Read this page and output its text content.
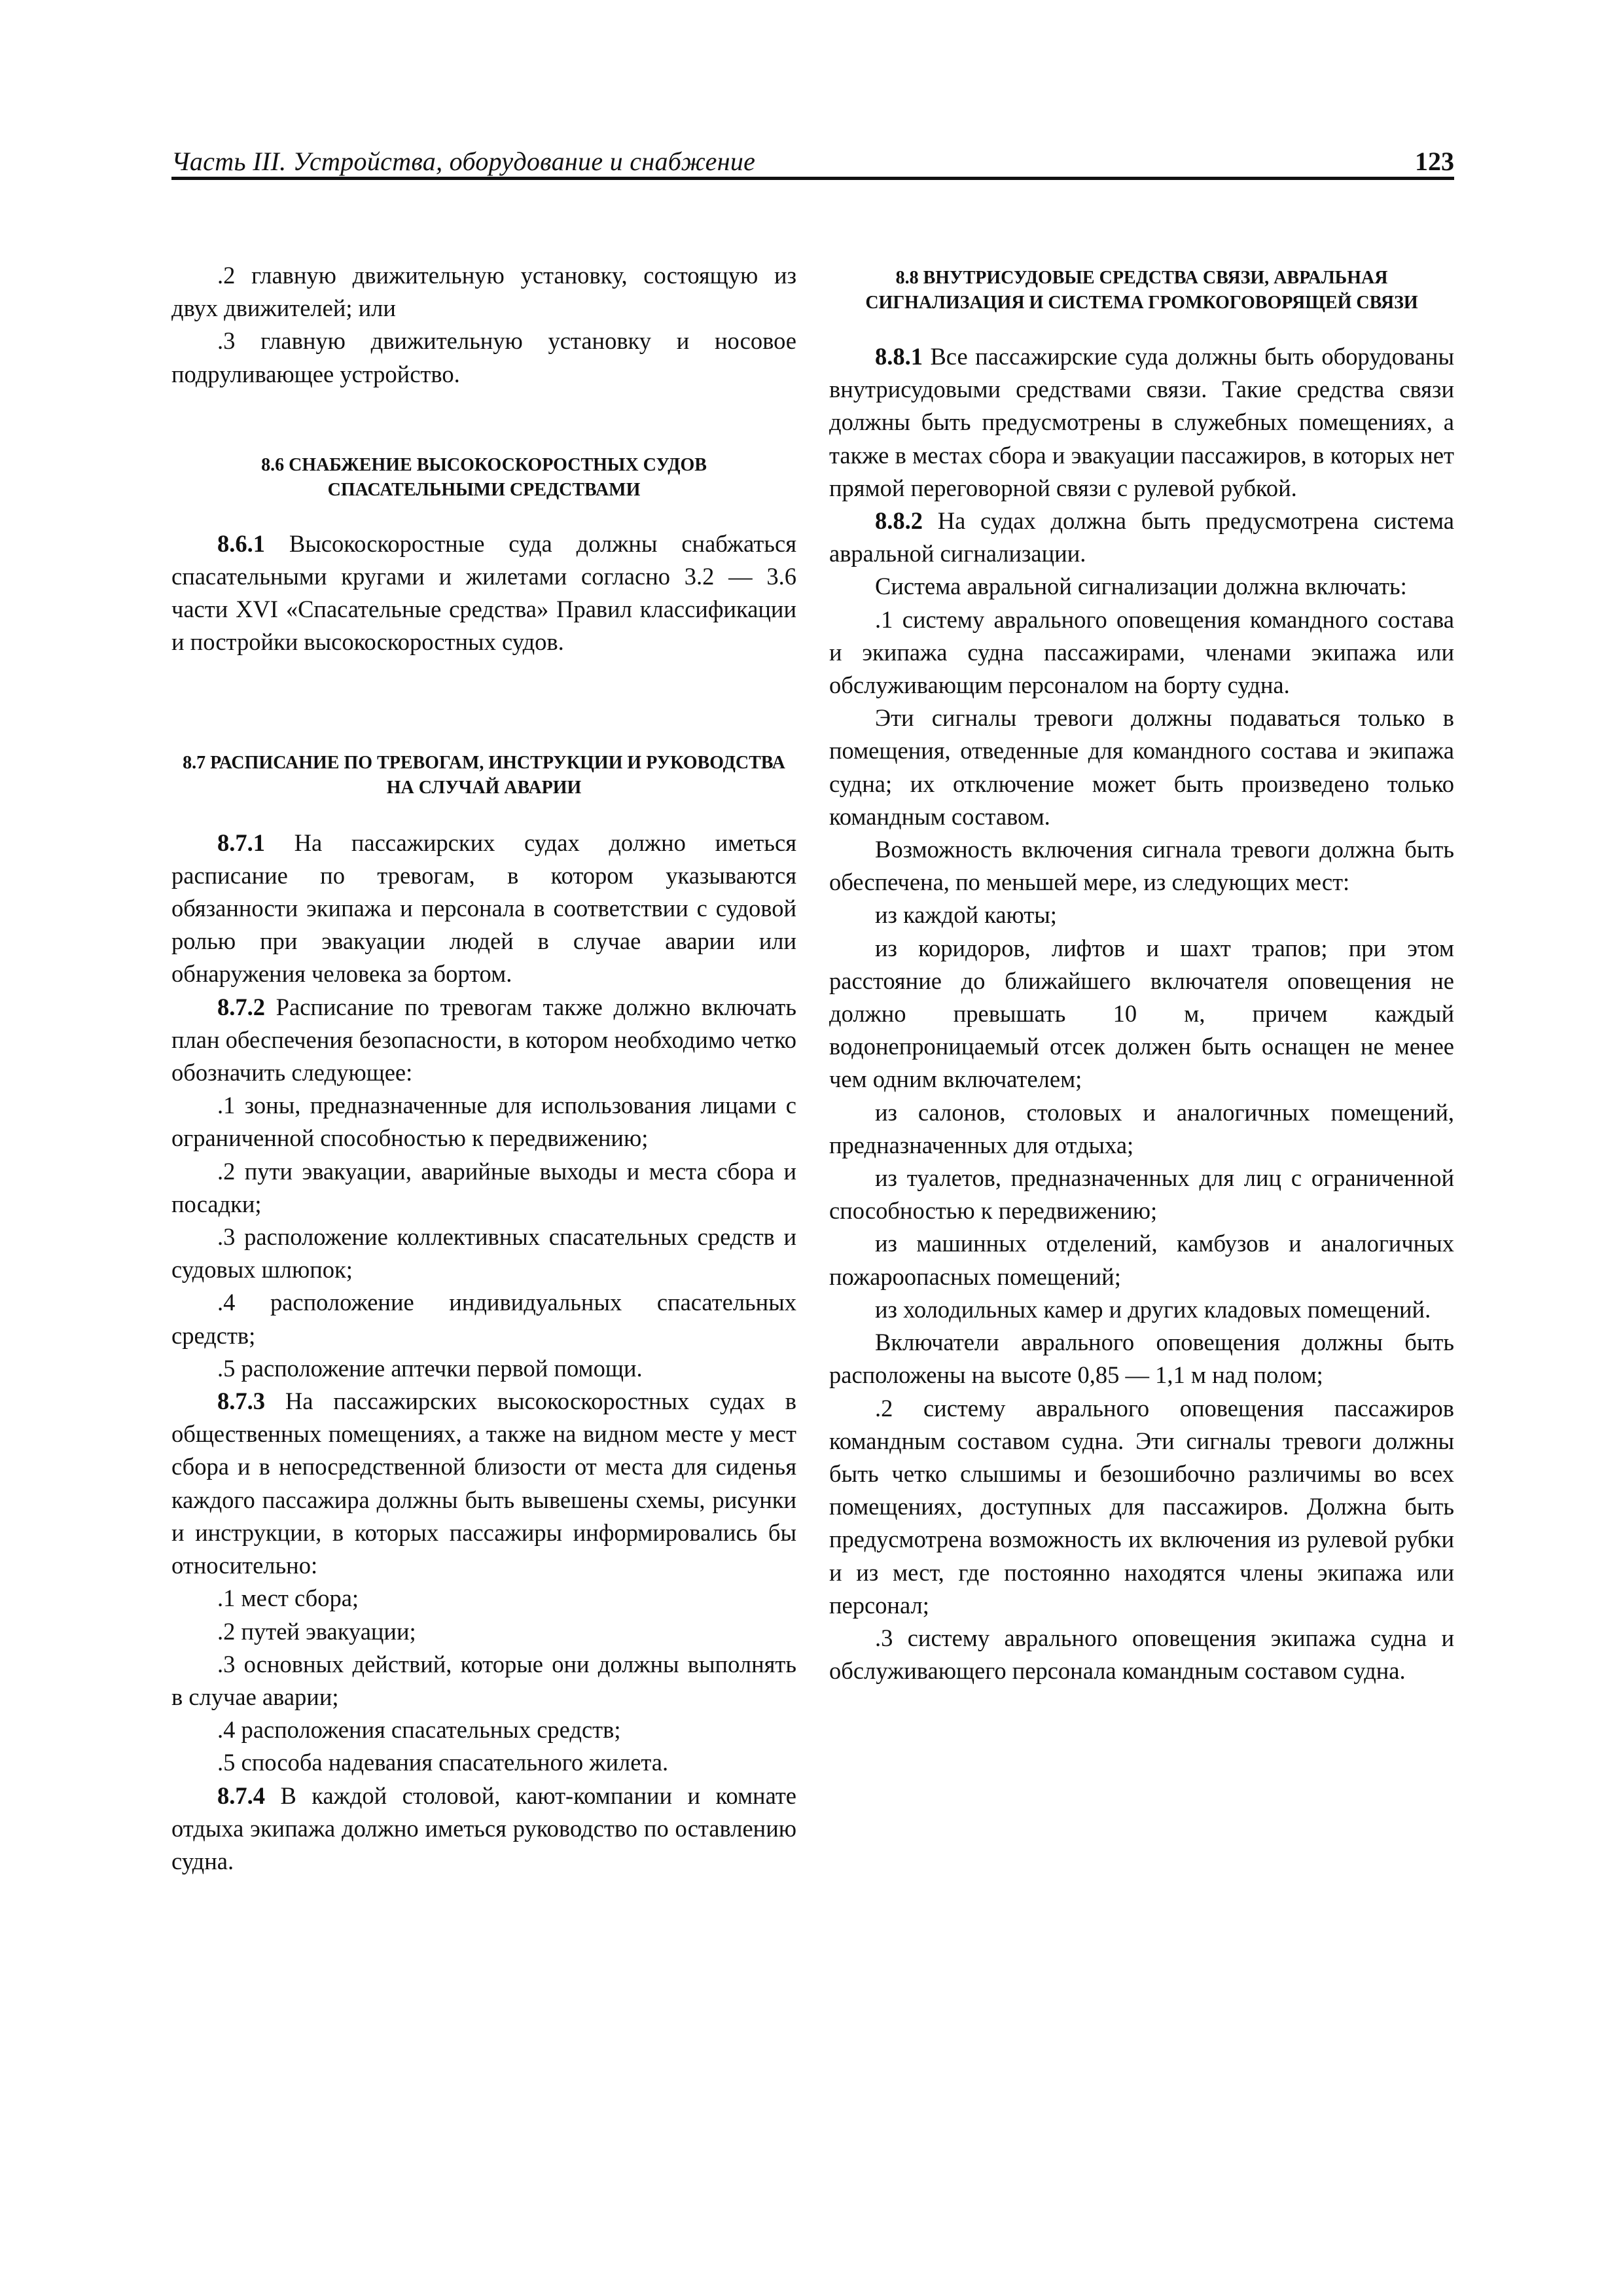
Часть III. Устройства, оборудование и снабжение	123

.2 главную движительную установку, состоящую из двух движителей; или

.3 главную движительную установку и носовое подруливающее устройство.

8.6 СНАБЖЕНИЕ ВЫСОКОСКОРОСТНЫХ СУДОВ СПАСАТЕЛЬНЫМИ СРЕДСТВАМИ

8.6.1 Высокоскоростные суда должны снабжаться спасательными кругами и жилетами согласно 3.2 — 3.6 части XVI «Спасательные средства» Правил классификации и постройки высокоскоростных судов.

8.7 РАСПИСАНИЕ ПО ТРЕВОГАМ, ИНСТРУКЦИИ И РУКОВОДСТВА НА СЛУЧАЙ АВАРИИ

8.7.1 На пассажирских судах должно иметься расписание по тревогам, в котором указываются обязанности экипажа и персонала в соответствии с судовой ролью при эвакуации людей в случае аварии или обнаружения человека за бортом.

8.7.2 Расписание по тревогам также должно включать план обеспечения безопасности, в котором необходимо четко обозначить следующее:

.1 зоны, предназначенные для использования лицами с ограниченной способностью к передвижению;

.2 пути эвакуации, аварийные выходы и места сбора и посадки;

.3 расположение коллективных спасательных средств и судовых шлюпок;

.4 расположение индивидуальных спасательных средств;

.5 расположение аптечки первой помощи.

8.7.3 На пассажирских высокоскоростных судах в общественных помещениях, а также на видном месте у мест сбора и в непосредственной близости от места для сиденья каждого пассажира должны быть вывешены схемы, рисунки и инструкции, в которых пассажиры информировались бы относительно:

.1 мест сбора;

.2 путей эвакуации;

.3 основных действий, которые они должны выполнять в случае аварии;

.4 расположения спасательных средств;

.5 способа надевания спасательного жилета.

8.7.4 В каждой столовой, кают-компании и комнате отдыха экипажа должно иметься руководство по оставлению судна.

8.8 ВНУТРИСУДОВЫЕ СРЕДСТВА СВЯЗИ, АВРАЛЬНАЯ СИГНАЛИЗАЦИЯ И СИСТЕМА ГРОМКОГОВОРЯЩЕЙ СВЯЗИ

8.8.1 Все пассажирские суда должны быть оборудованы внутрисудовыми средствами связи. Такие средства связи должны быть предусмотрены в служебных помещениях, а также в местах сбора и эвакуации пассажиров, в которых нет прямой переговорной связи с рулевой рубкой.

8.8.2 На судах должна быть предусмотрена система авральной сигнализации.

Система авральной сигнализации должна включать:

.1 систему аврального оповещения командного состава и экипажа судна пассажирами, членами экипажа или обслуживающим персоналом на борту судна.

Эти сигналы тревоги должны подаваться только в помещения, отведенные для командного состава и экипажа судна; их отключение может быть произведено только командным составом.

Возможность включения сигнала тревоги должна быть обеспечена, по меньшей мере, из следующих мест:

из каждой каюты;

из коридоров, лифтов и шахт трапов; при этом расстояние до ближайшего включателя оповещения не должно превышать 10 м, причем каждый водонепроницаемый отсек должен быть оснащен не менее чем одним включателем;

из салонов, столовых и аналогичных помещений, предназначенных для отдыха;

из туалетов, предназначенных для лиц с ограниченной способностью к передвижению;

из машинных отделений, камбузов и аналогичных пожароопасных помещений;

из холодильных камер и других кладовых помещений.

Включатели аврального оповещения должны быть расположены на высоте 0,85 — 1,1 м над полом;

.2 систему аврального оповещения пассажиров командным составом судна. Эти сигналы тревоги должны быть четко слышимы и безошибочно различимы во всех помещениях, доступных для пассажиров. Должна быть предусмотрена возможность их включения из рулевой рубки и из мест, где постоянно находятся члены экипажа или персонал;

.3 систему аврального оповещения экипажа судна и обслуживающего персонала командным составом судна.
